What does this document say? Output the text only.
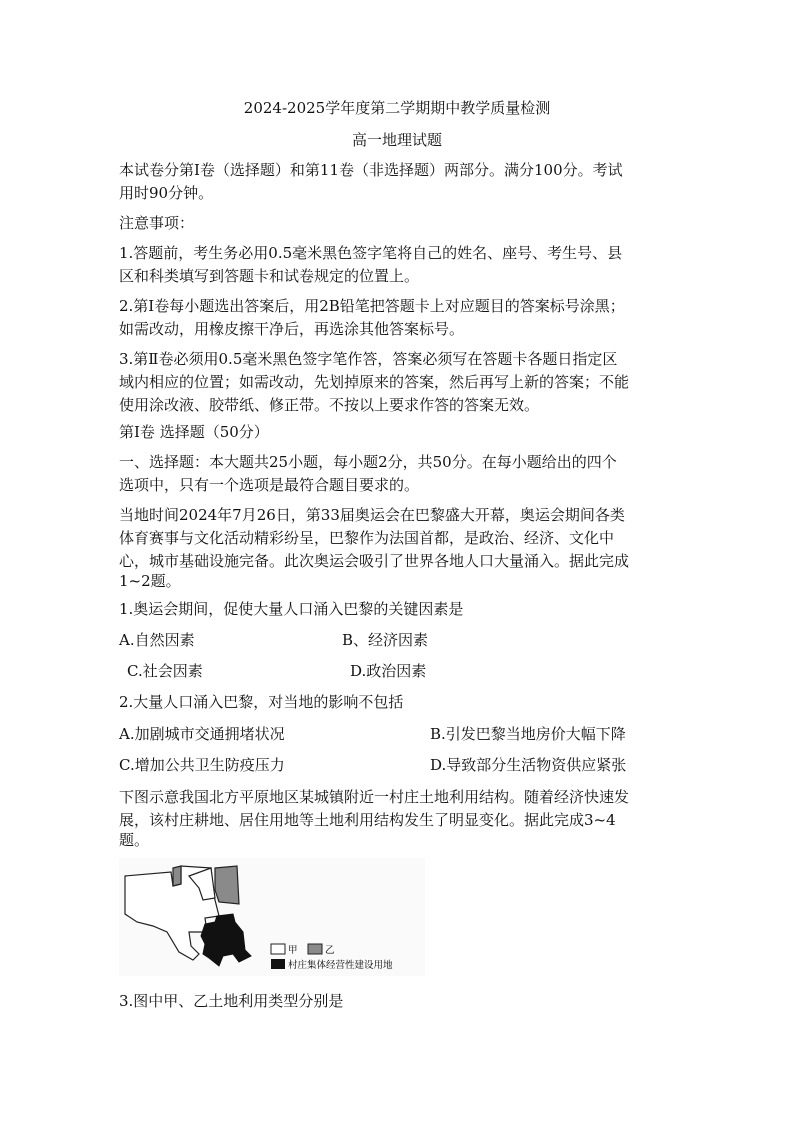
2024-2025学年度第二学期期中教学质量检测
高一地理试题
本试卷分第Ⅰ卷（选择题）和第11卷（非选择题）两部分。满分100分。考试
用时90分钟。
注意事项：
1.答题前，考生务必用0.5毫米黑色签字笔将自己的姓名、座号、考生号、县
区和科类填写到答题卡和试卷规定的位置上。
2.第Ⅰ卷每小题选出答案后，用2B铅笔把答题卡上对应题目的答案标号涂黑；
如需改动，用橡皮擦干净后，再选涂其他答案标号。
3.第Ⅱ卷必须用0.5毫米黑色签字笔作答，答案必须写在答题卡各题日指定区
域内相应的位置；如需改动，先划掉原来的答案，然后再写上新的答案；不能
使用涂改液、胶带纸、修正带。不按以上要求作答的答案无效。
第Ⅰ卷 选择题（50分）
一、选择题：本大题共25小题，每小题2分，共50分。在每小题给出的四个
选项中，只有一个选项是最符合题目要求的。
当地时间2024年7月26日，第33届奥运会在巴黎盛大开幕，奥运会期间各类
体育赛事与文化活动精彩纷呈，巴黎作为法国首都，是政治、经济、文化中
心，城市基础设施完备。此次奥运会吸引了世界各地人口大量涌入。据此完成
1~2题。
1.奥运会期间，促使大量人口涌入巴黎的关键因素是
A.自然因素	B、经济因素
C.社会因素	D.政治因素
2.大量人口涌入巴黎，对当地的影响不包括
A.加剧城市交通拥堵状况	B.引发巴黎当地房价大幅下降
C.增加公共卫生防疫压力	D.导致部分生活物资供应紧张
下图示意我国北方平原地区某城镇附近一村庄土地利用结构。随着经济快速发
展，该村庄耕地、居住用地等土地利用结构发生了明显变化。据此完成3~4
题。
甲	乙
村庄集体经营性建设用地
3.图中甲、乙土地利用类型分别是
